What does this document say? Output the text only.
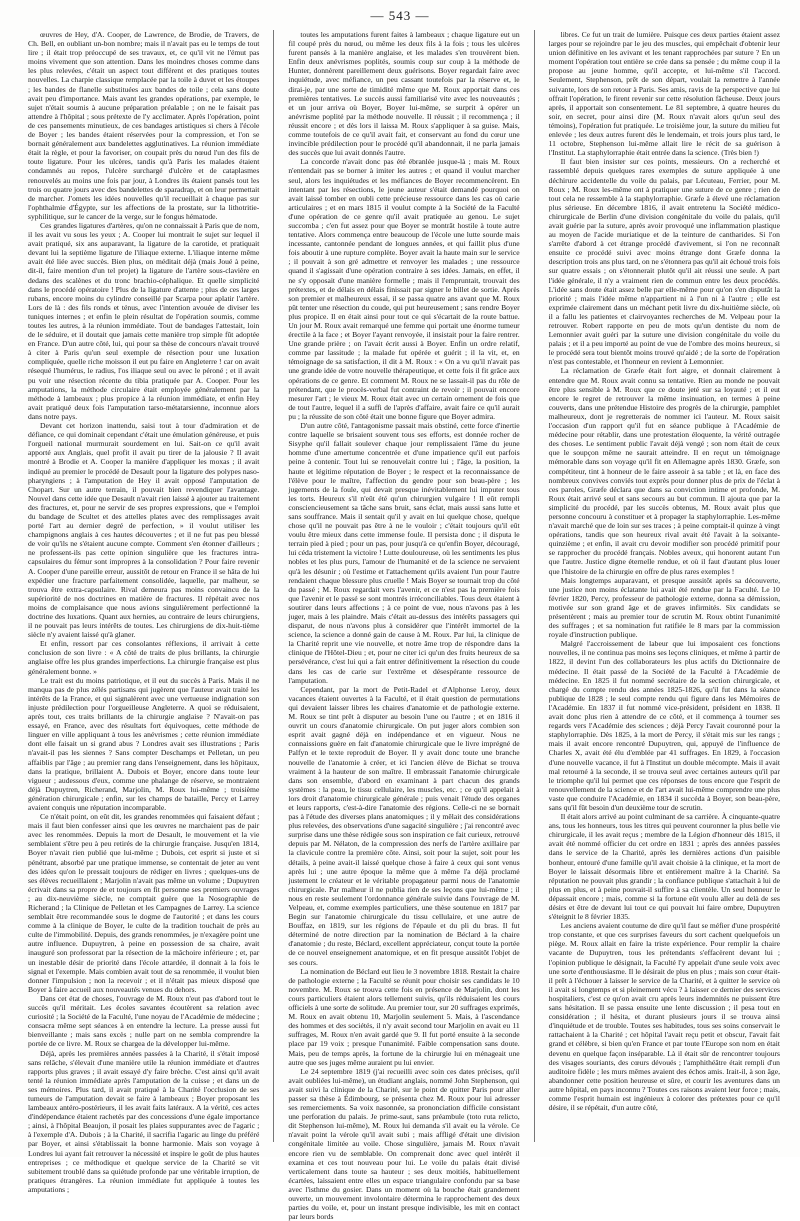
— 543 —

œuvres de Hey, d'A. Cooper, de Lawrence, de Brodie, de Travers, de Ch. Bell, en oubliant un-bon nombre; mais il n'avait pas eu le temps de tout lire ; il était trop préoccupé de ses travaux, et, ce qu'il vit ne l'émut pas moins vivement que son attention. Dans les moindres choses comme dans les plus relevées, c'était un aspect tout différent et des pratiques toutes nouvelles. La charpie classique remplacée par la toile à duvet et les étoupes ; les bandes de flanelle substituées aux bandes de toile ; cela sans doute avait peu d'importance. Mais avant les grandes opérations, par exemple, le sujet n'était soumis à aucune préparation préalable ; on ne le faisait pas attendre à l'hôpital ; sous prétexte de l'y acclimater. Après l'opération, point de ces pansements minutieux, de ces bandages artistiques si chers à l'école de Boyer ; les bandes étaient réservées pour la compression, et l'on se bornait généralement aux bandelettes agglutinatives. La réunion immédiate était la règle, et pour la favoriser, on coupait près du nœud l'un des fils de toute ligature. Pour les ulcères, tandis qu'à Paris les malades étaient condamnés au repos, l'ulcère surchargé d'ulcère et de cataplasmes renouvelés au moins une fois par jour, à Londres ils étaient pansés tout les trois ou quatre jours avec des bandelettes de sparadrap, et on leur permettait de marcher. J'omets les idées nouvelles qu'il recueillait à chaque pas sur l'ophthalmie d'Égypte, sur les affections de la prostate, sur la lithotritie-syphilitique, sur le cancer de la verge, sur le fongus hématode.

Ces grandes ligatures d'artères, qu'on ne connaissait à Paris que de nom, il les avait vu sous les yeux ; A. Cooper lui montrait le sujet sur lequel il avait pratiqué, six ans auparavant, la ligature de la carotide, et pratiquait devant lui la septième ligature de l'iliaque externe. L'iliaque interne même avait été liée avec succès. Bien plus, on méditait déjà (mais Joué à peine, dit-il, faire mention d'un tel projet) la ligature de l'artère sous-clavière en dedans des scalènes et du tronc brachio-céphalique. Et quelle simplicité dans le procédé opératoire ! Plus de la ligature d'attente ; plus de ces larges rubans, encore moins du cylindre conseillé par Scarpa pour aplatir l'artère. Lors de là : des fils ronds et ténus, avec l'intention avouée de diviser les tuniques internes ; et enfin le plein résultat de l'opération soumis, comme toutes les autres, à la réunion immédiate. Tout de bandages l'attestait, loin de le séduire, et il doutait que jamais cette manière trop simple fût adoptée en France. D'un autre côté, lui, qui pour sa thèse de concours n'avait trouvé à citer à Paris qu'un seul exemple de résection pour une luxation compliquée, quelle riche moisson il eut pu faire en Angleterre ! car on avait résequé l'humérus, le radius, l'os iliaque seul ou avec le péroné ; et il avait pu voir une résection récente du tibia pratiquée par A. Cooper. Pour les amputations, la méthode circulaire était employée généralement par la méthode à lambeaux ; plus propice à la réunion immédiate, et enfin Hey avait pratiqué deux fois l'amputation tarso-métatarsienne, inconnue alors dans notre pays.

Devant cet horizon inattendu, saisi tout à tour d'admiration et de défiance, ce qui dominait cependant c'était une émulation généreuse, et puis l'orgueil national murmurait sourdement en lui. Sait-on ce qu'il avait apporté aux Anglais, quel profit il avait pu tirer de la jalousie ? Il avait montré à Brodie et A. Cooper la manière d'appliquer les moxas ; il avait indiqué au premier le procédé de Desault pour la ligature des polypes naso-pharyngiens ; à l'amputation de Hey il avait opposé l'amputation de Chopart. Sur un autre terrain, il pouvait bien revendiquer l'avantage. Nouvel dans cette idée que Desault n'avait rien laissé à ajouter au traitement des fractures, et, pour ne servir de ses propres expressions, que « l'emploi du bandage de Scultet et des attelles plates avec des remplissages avait porté l'art au dernier degré de perfection, » il voulut utiliser les champignons anglais à ces hautes découvertes ; et il ne fut pas peu blessé de voir qu'ils ne s'étaient aucune compte. Comment s'en étonner d'ailleurs ; ne professent-ils pas cette opinion singulière que les fractures intra-capsulaires du fémur sont impropres à la consolidation ? Pour faire revenir A. Cooper d'une pareille erreur, aussitôt de retour en France il se hâta de lui expédier une fracture parfaitement consolidée, laquelle, par malheur, se trouva être extra-capsulaire. Rival demeura pas moins convaincu de la supériorité de nos doctrines en matière de fractures. Il répétait avec nos moins de complaisance que nous avions singulièrement perfectionné la doctrine des luxations. Quant aux hernies, au contraire de leurs chirurgiens, il ne pouvait pas leurs intérêts de toutes. Les chirurgiens de dix-huit-tième siècle n'y avaient laissé qu'à glaner.

Et enfin, ressort par ces consolantes réflexions, il arrivait à cette conclusion de son livre : « A côté de traits de plus brillants, la chirurgie anglaise offre les plus grandes imperfections. La chirurgie française est plus généralement bonne. »

Le trait est du moins patriotique, et il eut du succès à Paris. Mais il ne manqua pas de plus zélés partisans qui jugèrent que l'auteur avait traité les intérêts de la France, et qui signalèrent avec une vertueuse indignation son injuste prédilection pour l'orgueilleuse Angleterre. A quoi se réduisaient, après tout, ces traits brillants de la chirurgie anglaise ? N'avait-on pas essayé, en France, avec des résultats fort équivoques, cette méthode de linguer en ville appliquant à tous les anévrismes ; cette réunion immédiate dont elle faisait un si grand abus ? Londres avait ses illustrations ; Paris n'avait-il pas les siennes ? Sans compter Deschamps et Pelletan, un peu affaiblis par l'âge ; au premier rang dans l'enseignement, dans les hôpitaux, dans la pratique, brillaient A. Dubois et Boyer, encore dans toute leur vigueur ; audessous d'eux, comme une phalange de réserve, se montraient déjà Dupuytren, Richerand, Marjolin, M. Roux lui-même ; troisième génération chirurgicale ; enfin, sur les champs de bataille, Percy et Larrey avaient conquis une réputation incomparable.

Ce n'était point, on eût dit, les grandes renommées qui faisaient défaut ; mais il faut bien confesser ainsi que les œuvres ne marchaient pas de pair avec les renommées. Depuis la mort de Desault, le mouvement et la vie semblaient s'être peu à peu retirés de la chirurgie française. Jusqu'en 1814, Boyer n'avait rien publié que lui-même ; Dubois, cet esprit si juste et si pénétrant, absorbé par une pratique immense, se contentait de jeter au vent des idées qu'on le pressait toujours de rédiger en livres ; quelques-uns de ses élèves recueillaient ; Marjolin n'avait pas même un volume ; Dupuytren écrivait dans sa propre de et toujours en fit personne ses premiers ouvrages ; au dix-neuvième siècle, ne comptait guère que la Nosographie de Richerand ; la Clinique de Pelletan et les Campagnes de Larrey. La science semblait être recommandée sous le dogme de l'autorité ; et dans les cours comme à la clinique de Boyer, le culte de la tradition touchait de près au culte de l'immobilité. Depuis, des grands renommées, je n'exagère point une autre influence. Dupuytren, à peine en possession de sa chaire, avait inauguré son professorat par la résection de la mâchoire inférieure ; et, par un inestable désir de priorité dans l'école attardée, il donnait à la fois le signal et l'exemple. Mais combien avait tout de sa renommée, il voulut bien donner l'impulsion ; non la recevoir ; et il n'était pas mieux disposé que Boyer à faire accueil aux nouveautés venues du dehors.

Dans cet état de choses, l'ouvrage de M. Roux n'eut pas d'abord tout le succès qu'il méritait. Les écoles savantes écoutèrent sa relation avec curiosité ; la Société de la Faculté, l'une noyau de l'Académie de médecine ; consacra même sept séances à en entendre la lecture. La presse aussi fut bienveillante ; mais sans excès ; nulle part on ne sembla comprendre la portée de ce livre. M. Roux se chargea de la développer lui-même.

Déjà, après les premières années passées à la Charité, il s'était imposé sans relâche, s'élevait d'une manière utile la réunion immédiate et d'autres rapports plus graves ; il avait essayé d'y faire brèche. C'est ainsi qu'il avait tenté la réunion immédiate après l'amputation de la cuisse ; et dans un de ses mémoires. Plus tard, il avait pratiqué à la Charité l'occlusion de ses tumeurs de l'amputation devait se faire à lambeaux ; Boyer proposant les lambeaux antéro-postérieurs, il les avait faits latéraux. A la vérité, ces actes d'indépendance étaient rachetés par des concessions d'une égale importance ; ainsi, à l'hôpital Beaujon, il posait les plaies suppurantes avec de l'agaric ; à l'exemple d'A. Dubois ; à la Charité, il sacrifia l'agaric au linge du préféré par Boyer, et ainsi s'établissait la bonne harmonie. Mais son voyage à Londres lui ayant fait retrouver la nécessité et inspire le goût de plus hautes entreprises ; ce méthodique et quelque service de la Charité se vit subitement troublé dans sa quiétude profonde par une véritable irruption, de pratiques étrangères. La réunion immédiate fut appliquée à toutes les amputations ;

toutes les amputations furent faites à lambeaux ; chaque ligature eut un fil coupé près du nœud, ou même les deux fils à la fois ; tous les ulcères furent pansés à la manière anglaise, et les malades s'en trouvèrent bien. Enfin deux anévrismes poplités, soumis coup sur coup à la méthode de Hunter, donnèrent pareillement deux guérisons. Boyer regardait faire avec inquiétude, avec méfiance, un peu cassant toutefois par la réserve et, le dirai-je, par une sorte de timidité même que M. Roux apportait dans ces premières tentatives. Le succès aussi familiarisé vite avec les nouveautés ; et un jour arriva où Boyer, Boyer lui-même, se surprit à opérer un anévrisme poplité par la méthode nouvelle. Il réussit ; il recommença ; il réussit encore ; et dès lors il laissa M. Roux s'appliquer à sa guise. Mais, comme toutefois de ce qu'il avait fait, et conservant au fond du cœur une invincible prédilection pour le procédé qu'il abandonnait, il ne parla jamais des succès que lui avait donnés l'autre.

La concorde n'avait donc pas été ébranlée jusque-là ; mais M. Roux n'entendait pas se borner à imiter les autres ; et quand il voulut marcher seul, alors les inquiétudes et les méfiances de Boyer recommencèrent. En intentant par les résections, le jeune auteur s'était demandé pourquoi on avait laissé tomber en oubli cette précieuse ressource dans les cas où carie articulaires ; et en mars 1815 il voulut compte à la Société de la Faculté d'une opération de ce genre qu'il avait pratiquée au genou. Le sujet succomba ; c'en fut assez pour que Boyer se montrât hostile à toute autre tentative. Alors commença entre beaucoup de l'école une lutte sourde mais incessante, cantonnée pendant de longues années, et qui faillit plus d'une fois aboutir à une rupture complète. Boyer avait la haute main sur le service ; il pouvait à son gré admettre et renvoyer les malades ; une ressource quand il s'agissait d'une opération contraire à ses idées. Jamais, en effet, il ne s'y opposait d'une manière formelle ; mais il l'empruntait, trouvait des prétextes, et de délais en délais finissait par signer le billet de sortie. Après son premier et malheureux essai, il se passa quatre ans avant que M. Roux pût tenter une résection du coude, qui put heureusement ; sans rendre Boyer plus propice. Il en était ainsi pour tout ce qui s'écartait de la route battue. Un jour M. Roux avait remarqué une femme qui portait une énorme tumeur érectile à la face ; et Boyer l'ayant renvoyée, il insistait pour la faire rentrer. Une grande prière ; on l'avait écrit aussi à Boyer. Enfin un ordre relatif, comme par lassitude ; la malade fut opérée et guérit ; il la vit, et, en témoignage de sa satisfaction, il dit à M. Roux : « On a vu qu'il n'avait pas une grande idée de votre nouvelle thérapeutique, et cette fois il fit grâce aux opérations de ce genre. Et comment M. Roux ne se lassait-il pas du rôle de prétendant, que le procès-verbal fut contraint de revoir ; il pouvait encore mesurer l'art ; le vieux M. Roux était avec un certain ornement de fois que de tout l'autre, lequel il a suffi de l'après d'affaire, avait faire ce qu'il aurait pu ; la réussite de son côté était une bonne figure que Boyer admira.

D'un autre côté, l'antagonisme passait mais obstiné, cette force d'inertie contre laquelle se brisaient souvent tous ses efforts, est donnée rocher de Sisyphe qu'il fallait soulever chaque jour remplissaient l'âme du jeune homme d'une amertume concentrée et d'une impatience qu'il eut parfois peine à contenir. Tout lui se renouvelait contre lui ; l'âge, la position, la haute et légitime réputation de Boyer ; le respect et la reconnaissance de l'élève pour le maître, l'affection du gendre pour son beau-père ; les jugements de la foule, qui devait presque inévitablement lui imputer tous les torts. Heureux s'il n'eût été qu'un chirurgien vulgaire ! Il eût rempli consciencieusement sa tâche sans bruit, sans éclat, mais aussi sans lutte et sans souffrance. Mais il sentait qu'il y avait en lui quelque chose, quelque chose qu'il ne pouvait pas être à ne le vouloir ; c'était toujours qu'il eût voulu être mieux dans cette immense foule. Il persista donc ; il disputa le terrain pied à pied ; pour un pas, pour jusqu'à ce qu'enfin Boyer, découragé, lui céda tristement la victoire ! Lutte douloureuse, où les sentiments les plus nobles et les plus purs, l'amour de l'humanité et de la science ne servaient qu'à les désunir ; où l'estime et l'attachement qu'ils avaient l'un pour l'autre rendaient chaque blessure plus cruelle ! Mais Boyer se tournait trop du côté du passé ; M. Roux regardait vers l'avenir, et ce n'est pas la première fois que l'avenir et le passé se sont montrés irréconciliables. Tous deux étaient à soutirer dans leurs affections ; à ce point de vue, nous n'avons pas à les juger, mais à les plaindre. Mais c'était au-dessus des intérêts passagers qui disparut, de nous n'avons plus à considérer que l'intérêt immortel de la science, la science a donné gain de cause à M. Roux. Par lui, la clinique de la Charité reprit une vie nouvelle, et notre âme trop de réspondre dans la clinique de l'Hôtel-Dieu ; et, pour ne citer ici qu'un des fruits heureux de sa persévérance, c'est lui qui a fait entrer définitivement la résection du coude dans les cas de carie sur l'extrême et désespérante ressource de l'amputation.

Cependant, par la mort de Petit-Radel et d'Alphonse Leroy, deux vacances étaient ouvertes à la Faculté, et il était question de permutations qui devaient laisser libres les chaires d'anatomie et de pathologie externe. M. Roux se tint prêt à disputer au besoin l'une ou l'autre ; et en 1816 il ouvrit un cours d'anatomie chirurgicale. On put juger alors combien son esprit avait gagné déjà en indépendance et en vigueur. Nous ne connaissions guère en fait d'anatomie chirurgicale que le livre imprégné de Palfyn et le texte reproduit de Boyer. Il y avait donc toute une branche nouvelle de l'anatomie à créer, et ici l'ancien élève de Bichat se trouva vraiment à la hauteur de son maître. Il embrassait l'anatomie chirurgicale dans son ensemble, d'abord en examinant à part chacun des grands systèmes : la peau, le tissu cellulaire, les muscles, etc. ; ce qu'il appelait à lors droit d'anatomie chirurgicale générale ; puis venait l'étude des organes et leurs rapports, c'est-à-dire l'anatomie des régions. Celle-ci ne se bornait pas à l'étude des diverses plans anatomiques ; il y mêlait des considérations plus relevées, des observations d'une sagacité singulière ; j'ai rencontré avec surprise dans une thèse rédigée sous son inspiration ce fait curieux, retrouvé depuis par M. Nélaton, de la compression des nerfs de l'artère axillaire par la clavicule contre la première côte. Ainsi, soit pour la sujet, soit pour les détails, à peine avait-il laissé quelque chose à faire à ceux qui sont venus après lui ; une autre époque la même que à même l'a déjà proclamé justement le créateur et le véritable propagateur parmi nous de l'anatomie chirurgicale. Par malheur il ne publia rien de ses leçons que lui-même ; il nous en reste seulement l'ordonnance générale suivie dans l'ouvrage de M. Velpeau, et, comme exemples particuliers, une thèse soutenue en 1817 par Begin sur l'anatomie chirurgicale du tissu cellulaire, et une autre de Bouffaz, en 1819, sur les régions de l'épaule et du pli du bras. Il fut déterminé de notre direction par la nomination de Béclard à la chaire d'anatomie ; du reste, Béclard, excellent appréciateur, conçut toute la portée de ce nouvel enseignement anatomique, et en fit presque aussitôt l'objet de ses cours.

La nomination de Béclard eut lieu le 3 novembre 1818. Restait la chaire de pathologie externe ; la Faculté se réunit pour choisir ses candidats le 10 novembre. M. Roux se trouva cette fois en présence de Marjolin, dont les cours particuliers étaient alors tellement suivis, qu'ils réduisaient les cours officiels à une sorte de solitude. Au premier tour, sur 20 suffrages exprimés, M. Roux en avait obtenu 10, Marjolin seulement 5. Mais, à l'ascendance des hommes et des sociétés, il n'y avait second tour Marjolin en avait eu 11 suffrages, M. Roux n'en avait gardé que 9. Il fut porté ensuite à la seconde place par 19 voix ; presque l'unanimité. Faible compensation sans doute. Mais, peu de temps après, la fortune de la chirurgie lui en ménageait une autre que ses juges même auraient pu lui envier.

Le 24 septembre 1819 (j'ai recueilli avec soin ces dates précises, qu'il avait oubliées lui-même), un étudiant anglais, nommé John Stephenson, qui avait suivi la clinique de la Charité, sur le point de quitter Paris pour aller passer sa thèse à Édimbourg, se présenta chez M. Roux pour lui adresser ses remerciements. Sa voix nasonnée, sa prononciation difficile consistant une perforation du palais. Je prime-saut, sans préambule (toto ruta relicto, dit Stephenson lui-même), M. Roux lui demanda s'il avait eu la vérole. Ce n'avait point la vérole qu'il avait subi ; mais affligé d'était une division congénitale limitée au voile. Chose singulière, jamais M. Roux n'avait encore rien vu de semblable. On comprenait donc avec quel intérêt il examina et ces tout nouveau pour lui. Le voile du palais était divisé verticalement dans toute sa hauteur ; ses deux moitiés, habituellement écartées, laissaient entre elles un espace triangulaire confondu par sa base avec l'isthme du gosier. Dans un moment où la bouche était grandement ouverte, un mouvement involontaire détermina le rapprochement des deux parties du voile, et, pour un instant presque indivisible, les mit en contact par leurs bords

libres. Ce fut un trait de lumière. Puisque ces deux parties étaient assez larges pour se rejoindre par le jeu des muscles, qui empêchait d'obtenir leur union définitive en les avivant et les tenant rapprochées par suture ? En un moment l'opération tout entière se crée dans sa pensée ; du même coup il la propose au jeune homme, qu'il accepte, et lui-même s'il l'accord. Seulement, Stephenson, prêt de son départ, voulait la remettre à l'année suivante, lors de son retour à Paris. Ses amis, ravis de la perspective que lui offrait l'opération, le firent revenir sur cette résolution fâcheuse. Deux jours après, il apportait son consentement. Le 81 septembre, à quatre heures du soir, en secret, pour ainsi dire (M. Roux n'avait alors qu'un seul des témoins), l'opération fut pratiquée. Le troisième jour, la suture du milieu fut enlevée ; les deux autres furent dès le lendemain, et trois jours plus tard, le 11 octobre, Stephenson lui-même allait lire le récit de sa guérison à l'Institut. La staphylorraphie était entrée dans la science. (Très bien !)

Il faut bien insister sur ces points, messieurs. On a recherché et rassemblé depuis quelques rares exemples de suture appliquée à une déchirure accidentelle du voile du palais, par Lécuteau, Ferrier, pour M. Roux ; M. Roux les-même ont à pratiquer une suture de ce genre ; rien de tout cela ne ressemble à la staphylorraphie. Græfe à élevé une réclamation plus sérieuse. En décembre 1816, il avait entretenu la Société médico-chirurgicale de Berlin d'une division congénitale du voile du palais, qu'il avait guérie par la suture, après avoir provoqué une inflammation plastique au moyen de l'acide muriatique et de la teinture de cantharides. Si l'on s'arrête d'abord à cet étrange procédé d'avivement, si l'on ne reconnaît ensuite ce procédé suivi avec moins étrange dont Græfe donna la description trois ans plus tard, on ne s'étonnera pas qu'il ait échoué trois fois sur quatre essais ; on s'étonnerait plutôt qu'il ait réussi une seule. A part l'idée générale, il n'y a vraiment rien de commun entre les deux procédés. L'idée sans doute était assez belle par elle-même pour qu'on s'en disputât la priorité ; mais l'idée même n'appartient ni à l'un ni à l'autre ; elle est exprimée clairement dans un méchant petit livre du dix-huitième siècle, où il a fallu les patientes et clairvoyantes recherches de M. Velpeau pour la retrouver. Robert rapporte en peu de mots qu'un dentiste du nom de Lemonnier avait guéri par la suture une division congénitale du voile du palais ; et il a peu importé au point de vue de l'ombre des moins heureux, si le procédé sera tout bientôt moins trouvé qu'aidé ; de la sorte de l'opération n'est pas contestable, et l'honneur en revient à Lemonnier.

La réclamation de Græfe était fort aigre, et donnait clairement à entendre que M. Roux avait connu sa tentative. Rien au monde ne pouvait être plus sensible à M. Roux que ce doute jeté sur sa loyauté ; et il eut encore le regret de retrouver la même insinuation, en termes à peine couverts, dans une prétendue Histoire des progrès de la chirurgie, pamphlet malheureux, dont je regretterais de nommer ici l'auteur. M. Roux saisit l'occasion d'un rapport qu'il fut en séance publique à l'Académie de médecine pour rétablir, dans une protestation éloquente, la vérité outragée des choses. Le sentiment public l'avait déjà vengé ; son nom était de ceux que le soupçon même ne saurait atteindre. Il en reçut un témoignage mémorable dans son voyage qu'il fit en Allemagne après 1830. Græfe, son compétiteur, tint à honneur de le faire asseoir à sa table ; et là, en face des nombreux convives conviés tout exprès pour donner plus de prix de l'éclat à ces paroles, Græfe déclara que dans sa conviction intime et profonde, M. Roux était arrivé seul et sans secours au but commun. Il ajouta que par la simplicité du procédé, par les succès obtenus, M. Roux avait plus que personne concouru à constituer et à propager la staphylorraphie. Les-même n'avait marché que de loin sur ses traces ; à peine comptait-il quinze à vingt opérations, tandis que son heureux rival avait été l'avait à la soixante-quinzième ; et enfin, il avait cru devoir modifier son procédé primitif pour se rapprocher du procédé français. Nobles aveux, qui honorent autant l'un que l'autre. Justice digne éternelle rendue, et où il faut d'autant plus louer que l'histoire de la chirurgie en offre de plus rares exemples !

Mais longtemps auparavant, et presque aussitôt après sa découverte, une justice non moins éclatante lui avait été rendue par la Faculté. Le 10 février 1820, Percy, professeur de pathologie externe, donna sa démission, motivée sur son grand âge et de graves infirmités. Six candidats se présentèrent ; mais au premier tour de scrutin M. Roux obtint l'unanimité des suffrages ; et sa nomination fut ratifiée le 8 mars par la commission royale d'instruction publique.

Malgré l'accroissement de labeur que lui imposaient ces fonctions nouvelles, il ne continua pas moins ses leçons cliniques, et même à partir de 1822, il devint l'un des collaborateurs les plus actifs du Dictionnaire de médecine. Il était passé de la Société de la Faculté à l'Académie de médecine. En 1825 il fut nommé secrétaire de la section chirurgicale, et chargé du compte rendu des années 1825-1826, qu'il fut dans la séance publique de 1828 ; le seul compte rendu qui figure dans les Mémoires de l'Académie. En 1837 il fut nommé vice-président, président en 1838. Il avait donc plus rien à attendre de ce côté, et il commença à tourner ses regards vers l'Académie des sciences ; déjà Percy l'avait couronné pour la staphylorraphie. Dès 1825, à la mort de Percy, il s'était mis sur les rangs ; mais il avait encore rencontré Dupuytren, qui, appuyé de l'influence de Charles X, avait été élu d'emblée par 41 suffrages. En 1829, à l'occasion d'une nouvelle vacance, il fut à l'Institut un double mécompte. Mais il avait mal retourné à la seconde, il se trouva seul avec certaines auteurs qu'il par le triomphe qu'il lui permet que ces réponses de tous encore que l'esprit de renouvellement de la science et de l'art avait lui-même comprendre une plus vaste que conduire l'Académie, en 1834 il succéda à Boyer, son beau-père, sans qu'il fût besoin d'un deuxième tour de scrutin.

Il était alors arrivé au point culminant de sa carrière. À cinquante-quatre ans, tous les honneurs, tous les titres qui peuvent couronner la plus belle vie chirurgicale, il les avait reçus ; membre de la Légion d'honneur dès 1815, il avait été nommé officier du cet ordre en 1831 ; après des années passées dans le service de la Charité, après les dernières actions d'un paisible bonheur, entouré d'une famille qu'il avait choisie à la clinique, et la mort de Boyer le laissait désormais libre et entièrement maître à la Charité. Sa réputation ne pouvait plus grandir ; la confiance publique s'attachait à lui de plus en plus, et à peine pouvait-il suffire à sa clientèle. Un seul honneur le dépassait encore ; mais, comme si la fortune eût voulu aller au delà de ses désirs et être de devant lui tout ce qui pouvait lui faire ombre, Dupuytren s'éteignit le 8 février 1835.

Les anciens avaient coutume de dire qu'il faut se méfier d'une prospérité trop constante, et que ces surprises faveurs du sort cachent quelquefois un piège. M. Roux allait en faire la triste expérience. Pour remplir la chaire vacante de Dupuytren, tous les prétendants s'effacèrent devant lui ; l'opinion publique le désignait, la Faculté l'y appelait d'une seule voix avec une sorte d'enthousiasme. Il le désirait de plus en plus ; mais son cœur était-il prêt à l'échouer à laisser le service de la Charité, et à quitter le service où il avait si longtemps et si pleinement vécu ? à laisser ce dernier des services hospitaliers, c'est ce qu'on avait cru après leurs indemnités ne puissent être sans hésitation. Il se passa ensuite une lente discussion ; il pesa tout en considération ; il hésita, et durant plusieurs jours il se trouva ainsi d'inquiétude et de trouble. Toutes ses habitudes, tous ses soins conservait le rattachaient à la Charité ; cet hôpital l'avait reçu petit et obscur, l'avait fait grand et célèbre, si bien qu'en France et par toute l'Europe son nom en était devenu en quelque façon inséparable. Là il était sûr de rencontrer toujours des visages souriants, des cœurs dévoués ; l'amphithéâtre était rempli d'un auditoire fidèle ; les murs mêmes avaient des échos amis. Irait-il, à son âge, abandonner cette position heureuse et sûre, et courir les aventures dans un autre hôpital, en pays inconnu ? Toutes ces raisons avaient leur force ; mais, comme l'esprit humain est ingénieux à colorer des prétextes pour ce qu'il désire, il se répétait, d'un autre côté,
